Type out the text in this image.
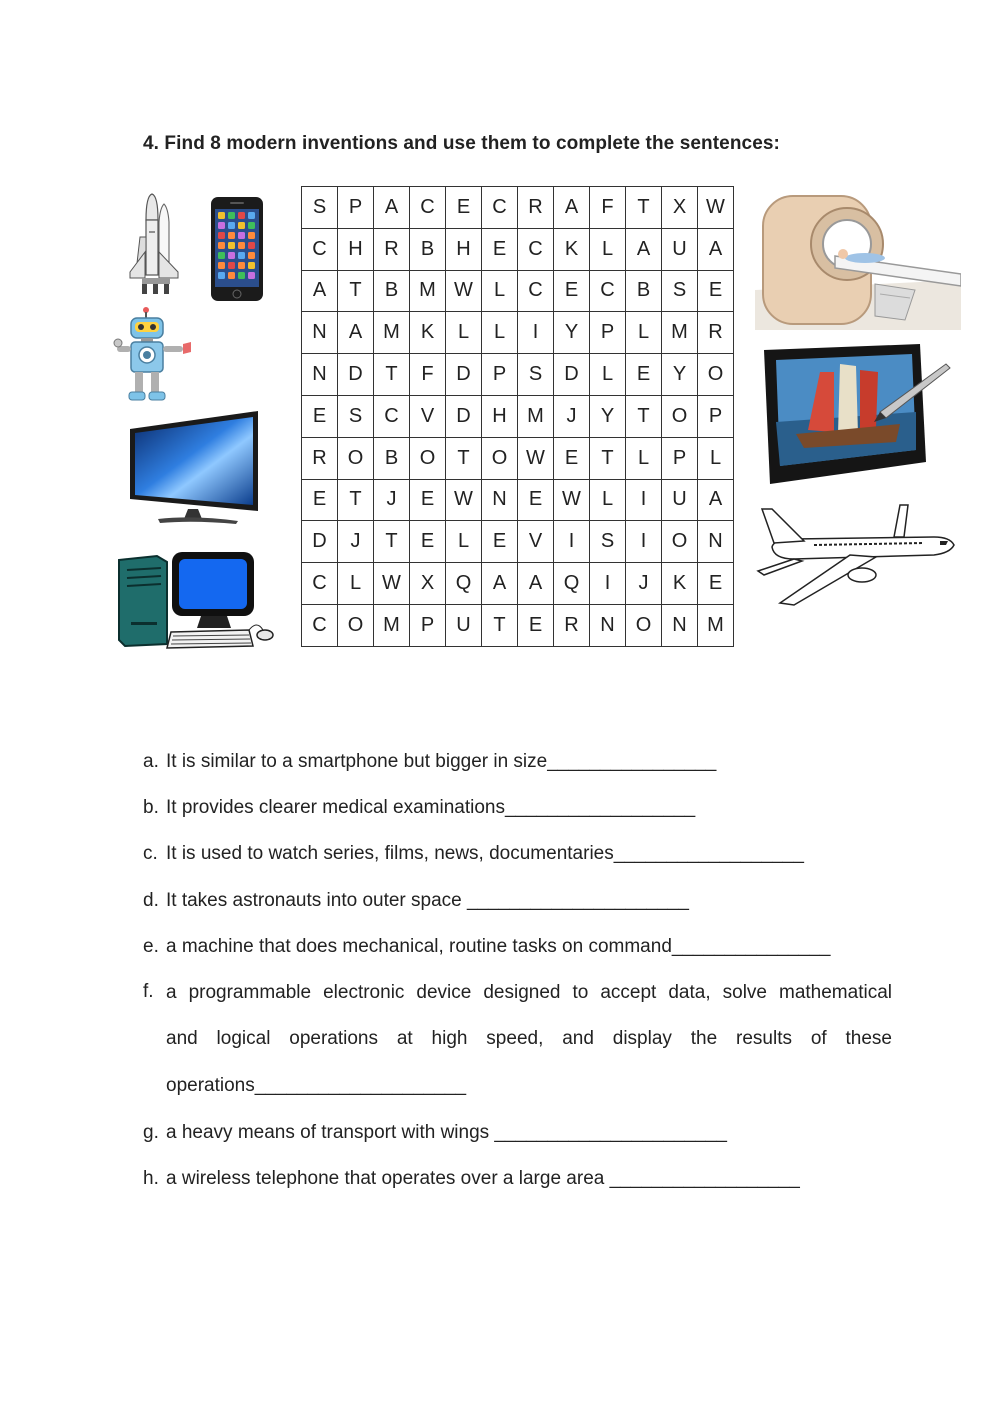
4. Find 8 modern inventions and use them to complete the sentences:
S	P	A	C	E	C	R	A	F	T	X	W
C	H	R	B	H	E	C	K	L	A	U	A
A	T	B	M	W	L	C	E	C	B	S	E
N	A	M	K	L	L	I	Y	P	L	M	R
N	D	T	F	D	P	S	D	L	E	Y	O
E	S	C	V	D	H	M	J	Y	T	O	P
R	O	B	O	T	O	W	E	T	L	P	L
E	T	J	E	W	N	E	W	L	I	U	A
D	J	T	E	L	E	V	I	S	I	O	N
C	L	W	X	Q	A	A	Q	I	J	K	E
C	O	M	P	U	T	E	R	N	O	N	M
a. It is similar to a smartphone but bigger in size________________
b. It provides clearer medical examinations__________________
c. It is used to watch series, films, news, documentaries__________________
d. It takes astronauts into outer space _____________________
e. a machine that does mechanical, routine tasks on command_______________
f. a programmable electronic device designed to accept data, solve mathematical
and logical operations at high speed, and display the results of these
operations____________________
g. a heavy means of transport with wings ______________________
h. a wireless telephone that operates over a large area __________________
